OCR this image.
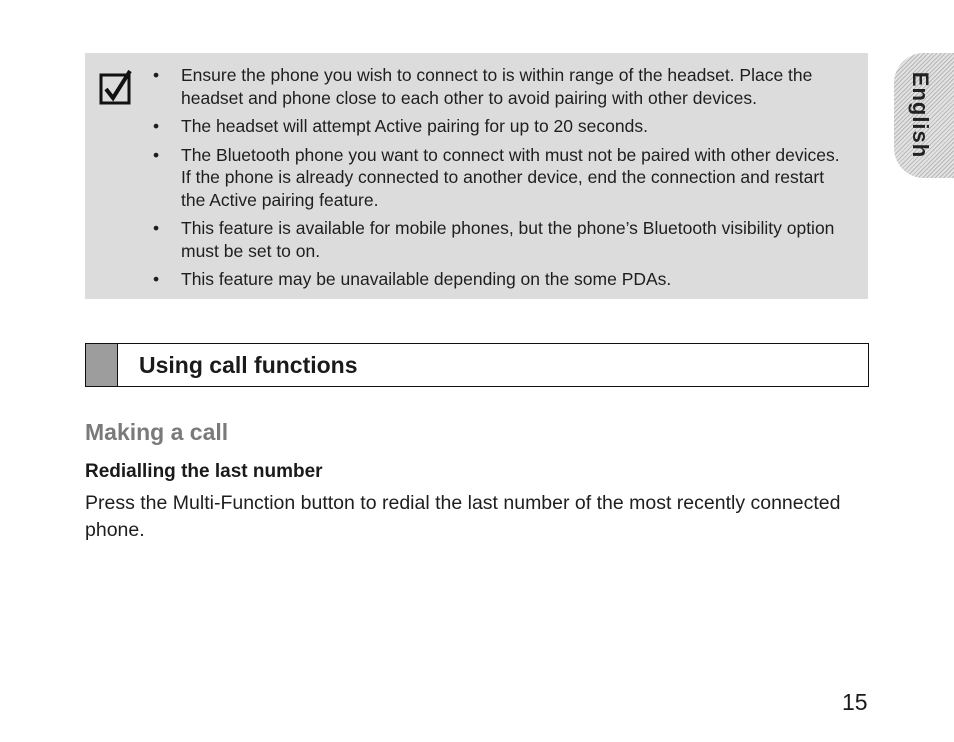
• Ensure the phone you wish to connect to is within range of the headset. Place the headset and phone close to each other to avoid pairing with other devices.
• The headset will attempt Active pairing for up to 20 seconds.
• The Bluetooth phone you want to connect with must not be paired with other devices. If the phone is already connected to another device, end the connection and restart the Active pairing feature.
• This feature is available for mobile phones, but the phone’s Bluetooth visibility option must be set to on.
• This feature may be unavailable depending on the some PDAs.
English
Using call functions
Making a call
Redialling the last number
Press the Multi-Function button to redial the last number of the most recently connected phone.
15
